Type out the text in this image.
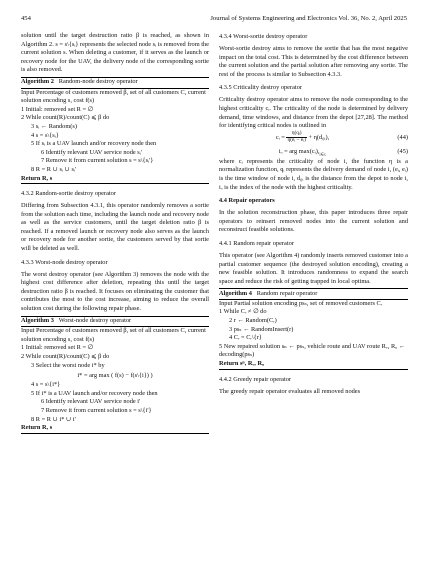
454	Journal of Systems Engineering and Electronics Vol. 36, No. 2, April 2025

solution until the target destruction ratio β is reached, as shown in Algorithm 2. s = s\{sᵢ} represents the selected node sᵢ is removed from the current solution s. When deleting a customer, if it serves as the launch or recovery node for the UAV, the delivery node of the corresponding sortie is also removed.

Algorithm 2 Random-node destroy operator
Input Percentage of customers removed β, set of all customers C, current solution encoding s, cost f(s)
1 Initial: removed set R = ∅
2 While count(R)/count(C) ⩽ β do
3 sᵢ ← Random(s)
4 s = s\{sᵢ}
5 If sᵢ is a UAV launch and/or recovery node then
6 Identify relevant UAV service node sᵢ'
7 Remove it from current solution s = s\{sᵢ'}
8 R = R ∪ sᵢ ∪ sᵢ'
Return R, s
4.3.2 Random-sortie destroy operator

Differing from Subsection 4.3.1, this operator randomly removes a sortie from the solution each time, including the launch node and recovery node as well as the service customers, until the target deletion ratio β is reached. If a removed launch or recovery node also serves as the launch or recovery node for another sortie, the customers served by that sortie will be deleted as well.

4.3.3 Worst-node destroy operator

The worst destroy operator (see Algorithm 3) removes the node with the highest cost difference after deletion, repeating this until the target destruction ratio β is reached. It focuses on eliminating the customer that contributes the most to the cost increase, aiming to reduce the overall solution cost during the following repair phase.

Algorithm 3 Worst-node destroy operator
Input Percentage of customers removed β, set of all customers C, current solution encoding s, cost f(s)
1 Initial: removed set R = ∅
2 While count(R)/count(C) ⩽ β do
3 Select the worst node i* by
i* = arg max ( f(s) − f(s\{i}) )
4 s = s\{i*}
5 If i* is a UAV launch and/or recovery node then
6 Identify relevant UAV service node i'
7 Remove it from current solution s = s\{i'}
8 R = R ∪ i* ∪ i'
Return R, s
4.3.4 Worst-sortie destroy operator

Worst-sortie destroy aims to remove the sortie that has the most negative impact on the total cost. This is determined by the cost difference between the current solution and the partial solution after removing any sortie. The rest of the process is similar to Subsection 4.3.3.

4.3.5 Criticality destroy operator

Criticality destroy operator aims to remove the node corresponding to the highest criticality cᵢ. The criticality of the node is determined by delivery demand, time windows, and distance from the depot [27,28]. The method for identifying critical nodes is outlined in

cᵢ = $\frac{\text{η(qᵢ)}}{\text{η(eᵢ − eᵢ)}}$ + η(d₀ᵢ),	(44)
iₒ = arg $\max(cᵢ),_{i\in c}$	(45)

where cᵢ represents the criticality of node i, the function η is a normalization function, qᵢ represents the delivery demand of node i, (eᵢ, eᵢ) is the time window of node i, d₀ᵢ is the distance from the depot to node i, iₒ is the index of the node with the highest criticality.

4.4 Repair operators

In the solution reconstruction phase, this paper introduces three repair operators to reinsert removed nodes into the current solution and reconstruct feasible solutions.

4.4.1 Random repair operator

This operator (see Algorithm 4) randomly inserts removed customer into a partial customer sequence (the destroyed solution encoding), creating a new feasible solution. It introduces randomness to expand the search space and reduce the risk of getting trapped in local optima.

Algorithm 4 Random repair operator
Input Partial solution encoding psₛ, set of removed customers Cᵣ
1 While Cᵣ ≠ ∅ do
2 r ← Random(Cᵣ)
3 psₛ ← RandomInsert(r)
4 Cᵣ = Cᵣ\{r}
5 New repaired solution sₙ ← psₛ, vehicle route and UAV route Rᵥ, Rᵤ ← decoding(psₛ)
Return sⁿ, Rᵥ, Rᵤ
4.4.2 Greedy repair operator

The greedy repair operator evaluates all removed nodes
